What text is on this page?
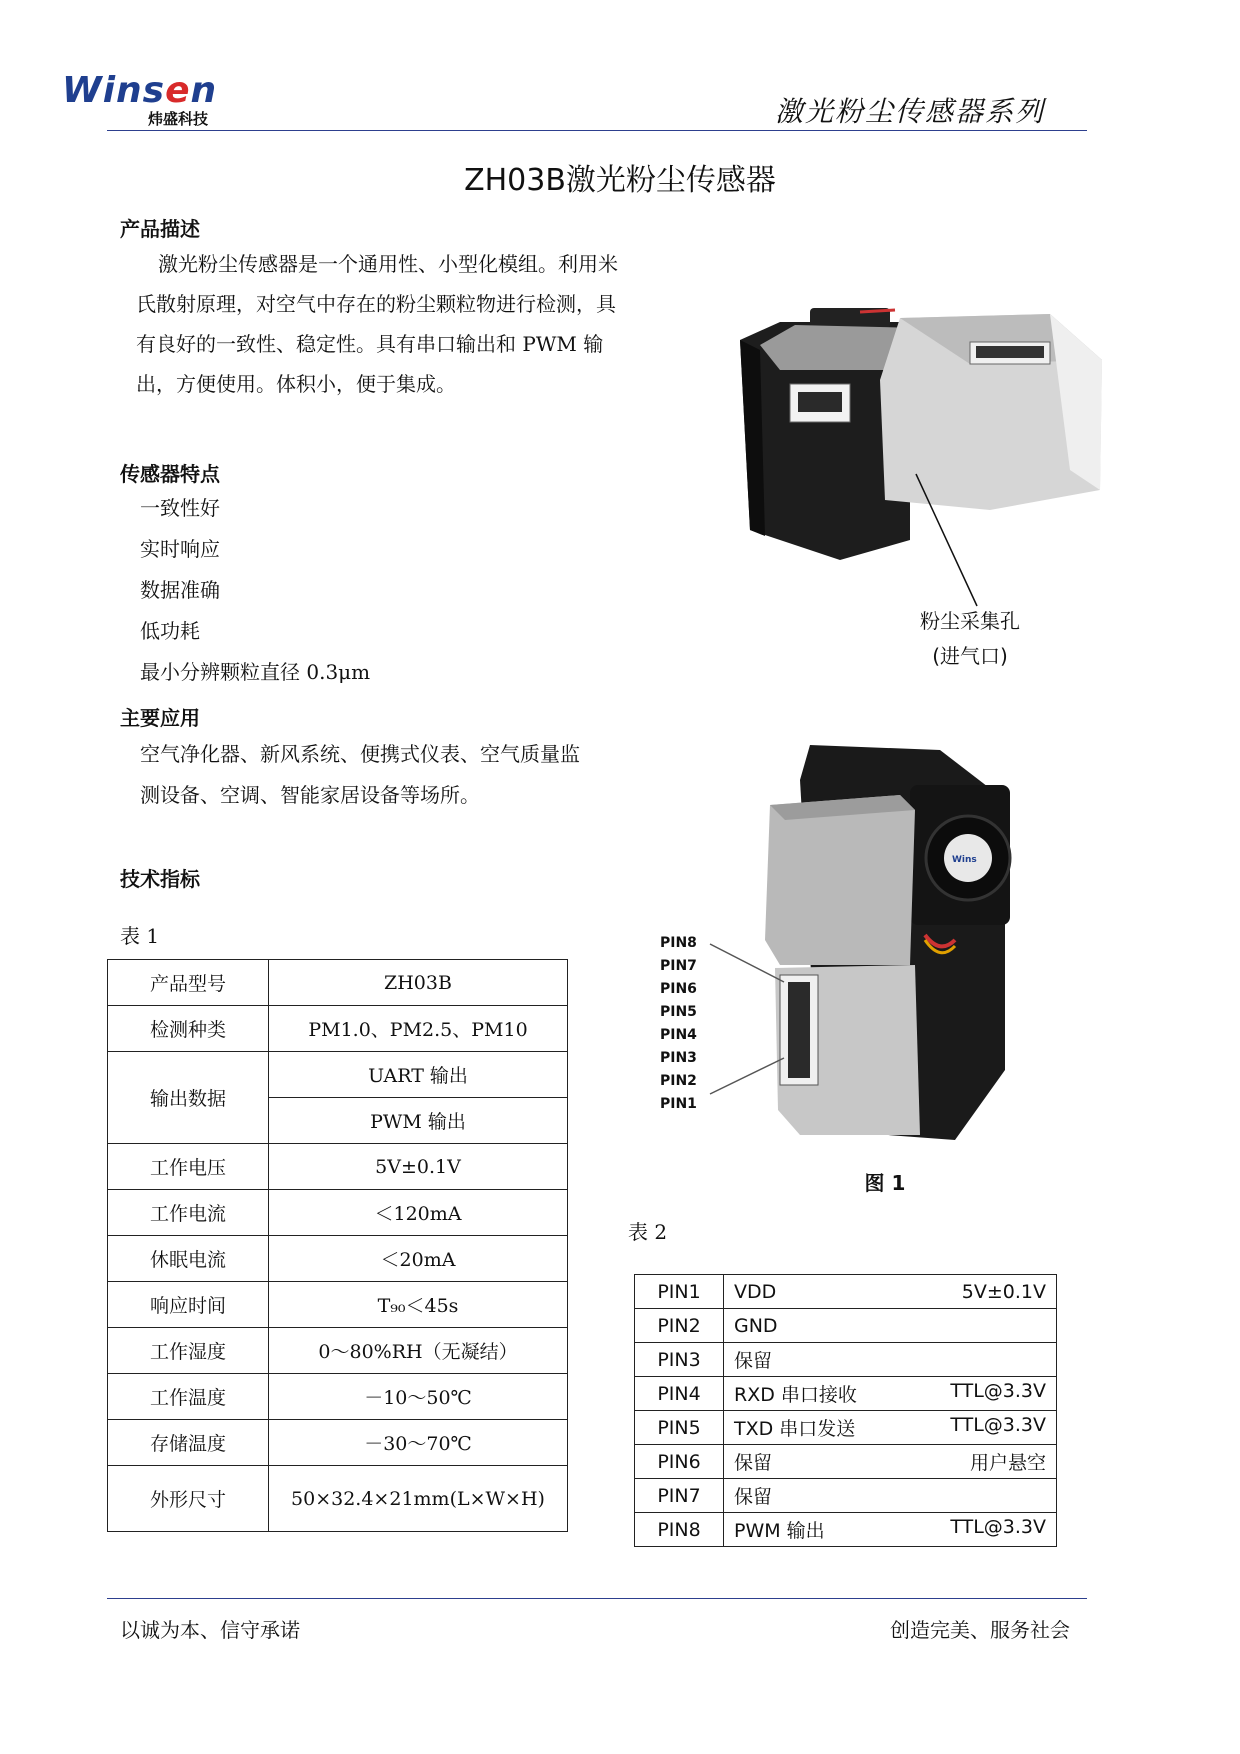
Winsen
炜盛科技	激光粉尘传感器系列
ZH03B激光粉尘传感器
产品描述
激光粉尘传感器是一个通用性、小型化模组。利用米氏散射原理，对空气中存在的粉尘颗粒物进行检测，具有良好的一致性、稳定性。具有串口输出和 PWM 输出，方便使用。体积小，便于集成。
传感器特点
一致性好
实时响应
数据准确
低功耗
最小分辨颗粒直径 0.3μm
主要应用
空气净化器、新风系统、便携式仪表、空气质量监
测设备、空调、智能家居设备等场所。
技术指标
表 1
产品型号	ZH03B
检测种类	PM1.0、PM2.5、PM10
输出数据	UART 输出
	PWM 输出
工作电压	5V±0.1V
工作电流	＜120mA
休眠电流	＜20mA
响应时间	T₉₀＜45s
工作湿度	0～80%RH（无凝结）
工作温度	－10～50℃
存储温度	－30～70℃
外形尺寸	50×32.4×21mm(L×W×H)
粉尘采集孔
(进气口)
Wins
PIN8
PIN7
PIN6
PIN5
PIN4
PIN3
PIN2
PIN1
图 1
表 2
PIN1	VDD 5V±0.1V

PIN2	GND

PIN3	保留

PIN4	RXD 串口接收 TTL@3.3V

PIN5	TXD 串口发送 TTL@3.3V

PIN6	保留 用户悬空

PIN7	保留

PIN8	PWM 输出 TTL@3.3V
以诚为本、信守承诺	创造完美、服务社会
